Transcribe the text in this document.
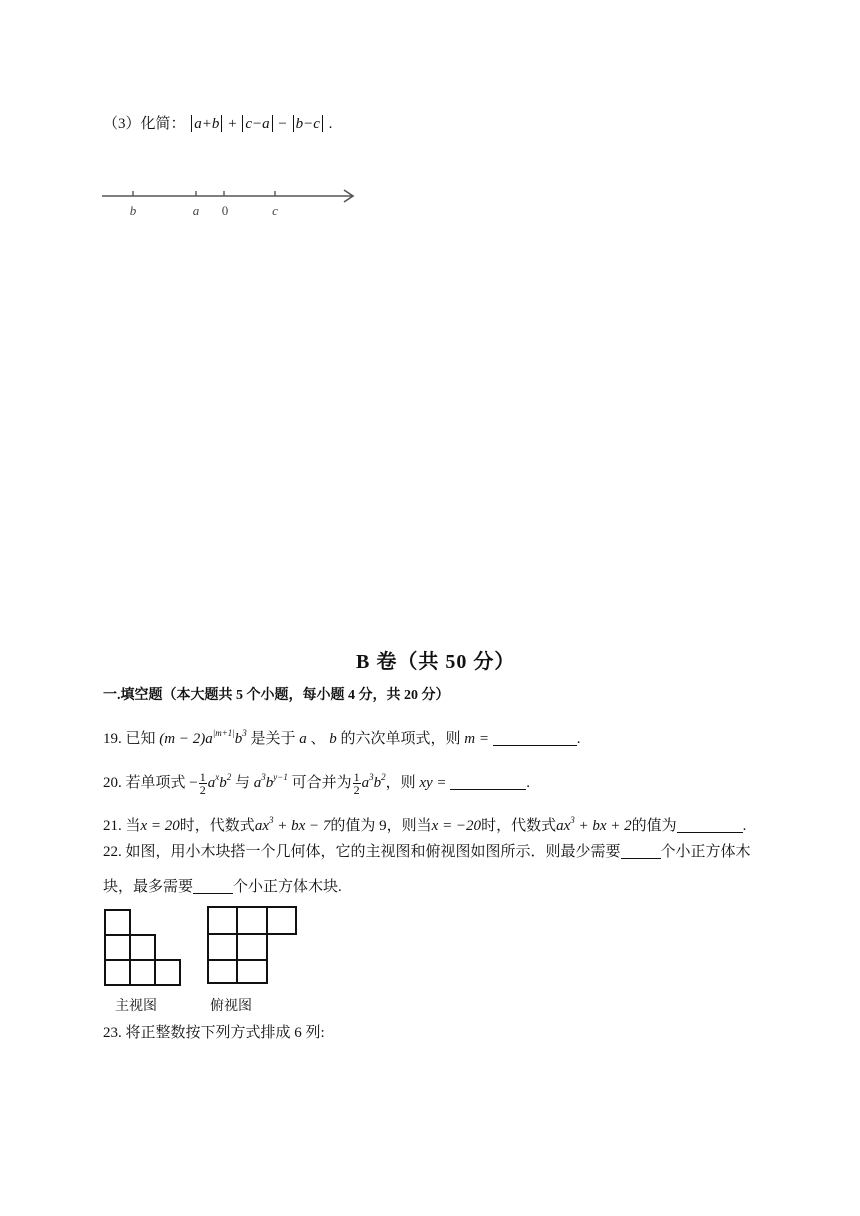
（3）化简： a+b + c−a − b−c .
b	a 0	c
B 卷（共 50 分）
一.填空题（本大题共 5 个小题，每小题 4 分，共 20 分）
19. 已知 $(m - 2)a^{|m+1|}b^3$ 是关于 a 、 b 的六次单项式，则 m =	.
20. 若单项式 − $\frac{1}{2} a^xb^2$ 与 $a^3b^{y-1}$ 可合并为 $\frac{1}{2} a^3b^2$，则 xy =	.
21. 当x = 20时，代数式$ax^3$ + bx − 7的值为 9，则当x = −20时，代数式$ax^3$ + bx + 2的值为	.
22. 如图，用小木块搭一个几何体，它的主视图和俯视图如图所示．则最少需要	个小正方体木
块，最多需要	个小正方体木块.
主视图	俯视图
23. 将正整数按下列方式排成 6 列:
